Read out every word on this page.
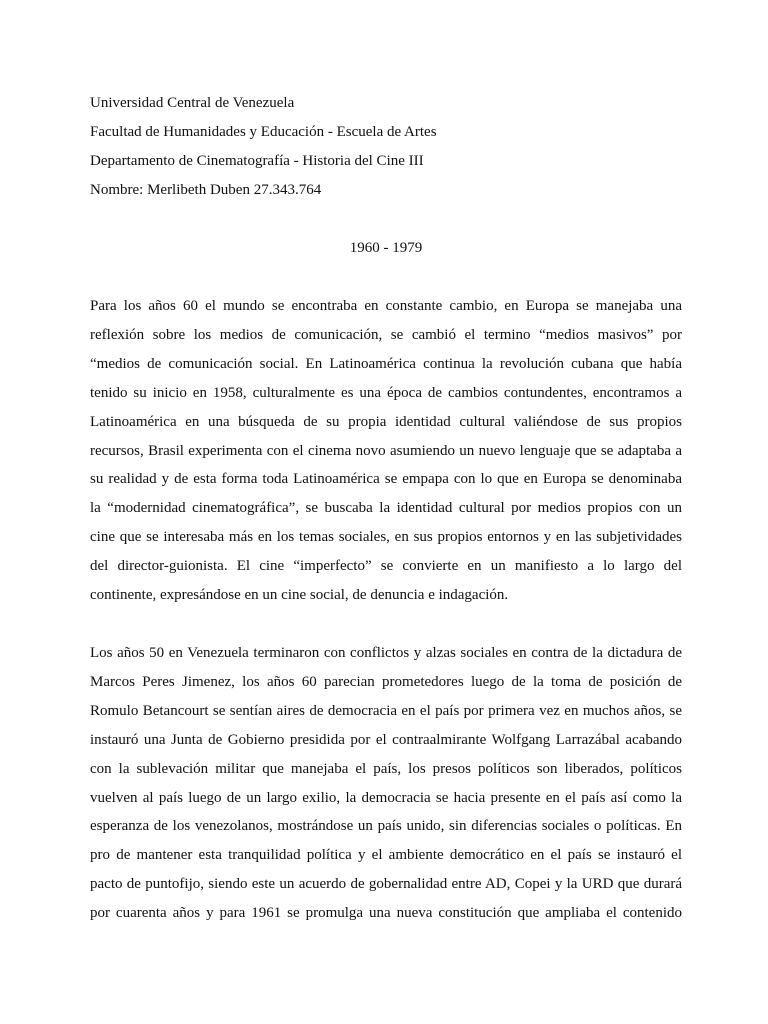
Universidad Central de Venezuela
Facultad de Humanidades y Educación - Escuela de Artes
Departamento de Cinematografía - Historia del Cine III
Nombre: Merlibeth Duben 27.343.764
1960 - 1979
Para los años 60 el mundo se encontraba en constante cambio, en Europa se manejaba una
reflexión sobre los medios de comunicación, se cambió el termino “medios masivos” por
“medios de comunicación social. En Latinoamérica continua la revolución cubana que había
tenido su inicio en 1958, culturalmente es una época de cambios contundentes, encontramos a
Latinoamérica en una búsqueda de su propia identidad cultural valiéndose de sus propios
recursos, Brasil experimenta con el cinema novo asumiendo un nuevo lenguaje que se adaptaba a
su realidad y de esta forma toda Latinoamérica se empapa con lo que en Europa se denominaba
la “modernidad cinematográfica”, se buscaba la identidad cultural por medios propios con un
cine que se interesaba más en los temas sociales, en sus propios entornos y en las subjetividades
del director-guionista. El cine “imperfecto” se convierte en un manifiesto a lo largo del
continente, expresándose en un cine social, de denuncia e indagación.
Los años 50 en Venezuela terminaron con conflictos y alzas sociales en contra de la dictadura de
Marcos Peres Jimenez, los años 60 parecian prometedores luego de la toma de posición de
Romulo Betancourt se sentían aires de democracia en el país por primera vez en muchos años, se
instauró una Junta de Gobierno presidida por el contraalmirante Wolfgang Larrazábal acabando
con la sublevación militar que manejaba el país, los presos políticos son liberados, políticos
vuelven al país luego de un largo exilio, la democracia se hacia presente en el país así como la
esperanza de los venezolanos, mostrándose un país unido, sin diferencias sociales o políticas. En
pro de mantener esta tranquilidad política y el ambiente democrático en el país se instauró el
pacto de puntofijo, siendo este un acuerdo de gobernalidad entre AD, Copei y la URD que durará
por cuarenta años y para 1961 se promulga una nueva constitución que ampliaba el contenido
